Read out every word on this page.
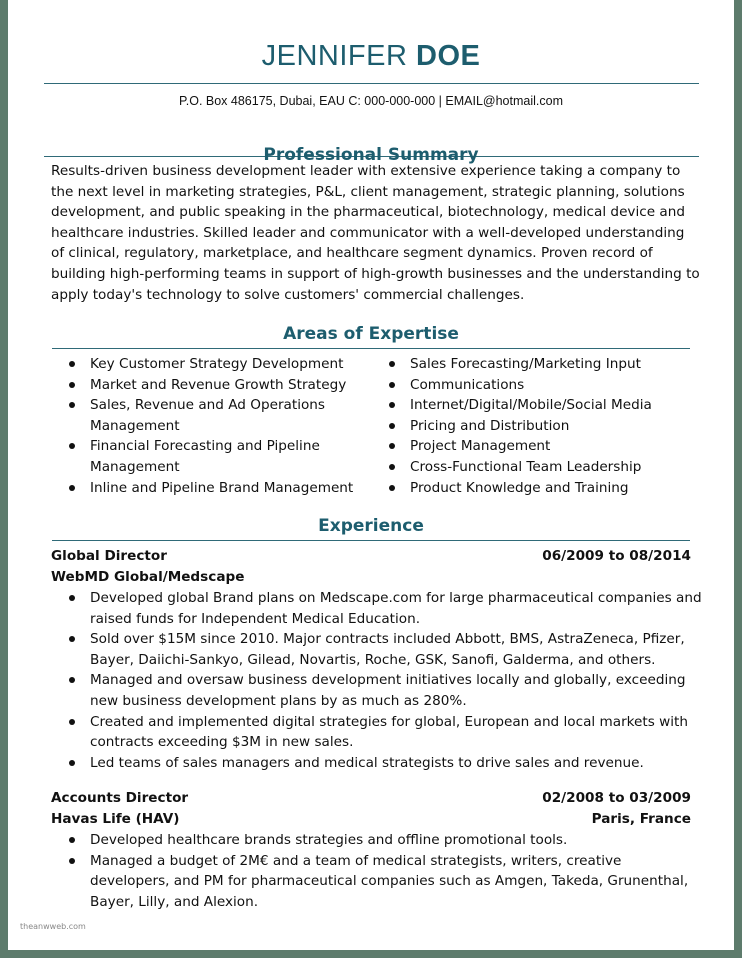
JENNIFER DOE
P.O. Box 486175, Dubai, EAU C: 000-000-000 | EMAIL@hotmail.com
Professional Summary
Results-driven business development leader with extensive experience taking a company to the next level in marketing strategies, P&L, client management, strategic planning, solutions development, and public speaking in the pharmaceutical, biotechnology, medical device and healthcare industries. Skilled leader and communicator with a well-developed understanding of clinical, regulatory, marketplace, and healthcare segment dynamics. Proven record of building high-performing teams in support of high-growth businesses and the understanding to apply today's technology to solve customers' commercial challenges.
Areas of Expertise
Key Customer Strategy Development
Market and Revenue Growth Strategy
Sales, Revenue and Ad Operations Management
Financial Forecasting and Pipeline Management
Inline and Pipeline Brand Management
Sales Forecasting/Marketing Input
Communications
Internet/Digital/Mobile/Social Media
Pricing and Distribution
Project Management
Cross-Functional Team Leadership
Product Knowledge and Training
Experience
Global Director	06/2009 to 08/2014
WebMD Global/Medscape
Developed global Brand plans on Medscape.com for large pharmaceutical companies and raised funds for Independent Medical Education.
Sold over $15M since 2010. Major contracts included Abbott, BMS, AstraZeneca, Pfizer, Bayer, Daiichi-Sankyo, Gilead, Novartis, Roche, GSK, Sanofi, Galderma, and others.
Managed and oversaw business development initiatives locally and globally, exceeding new business development plans by as much as 280%.
Created and implemented digital strategies for global, European and local markets with contracts exceeding $3M in new sales.
Led teams of sales managers and medical strategists to drive sales and revenue.
Accounts Director	02/2008 to 03/2009
Havas Life (HAV)	Paris, France
Developed healthcare brands strategies and offline promotional tools.
Managed a budget of 2M€ and a team of medical strategists, writers, creative developers, and PM for pharmaceutical companies such as Amgen, Takeda, Grunenthal, Bayer, Lilly, and Alexion.
theanwweb.com
